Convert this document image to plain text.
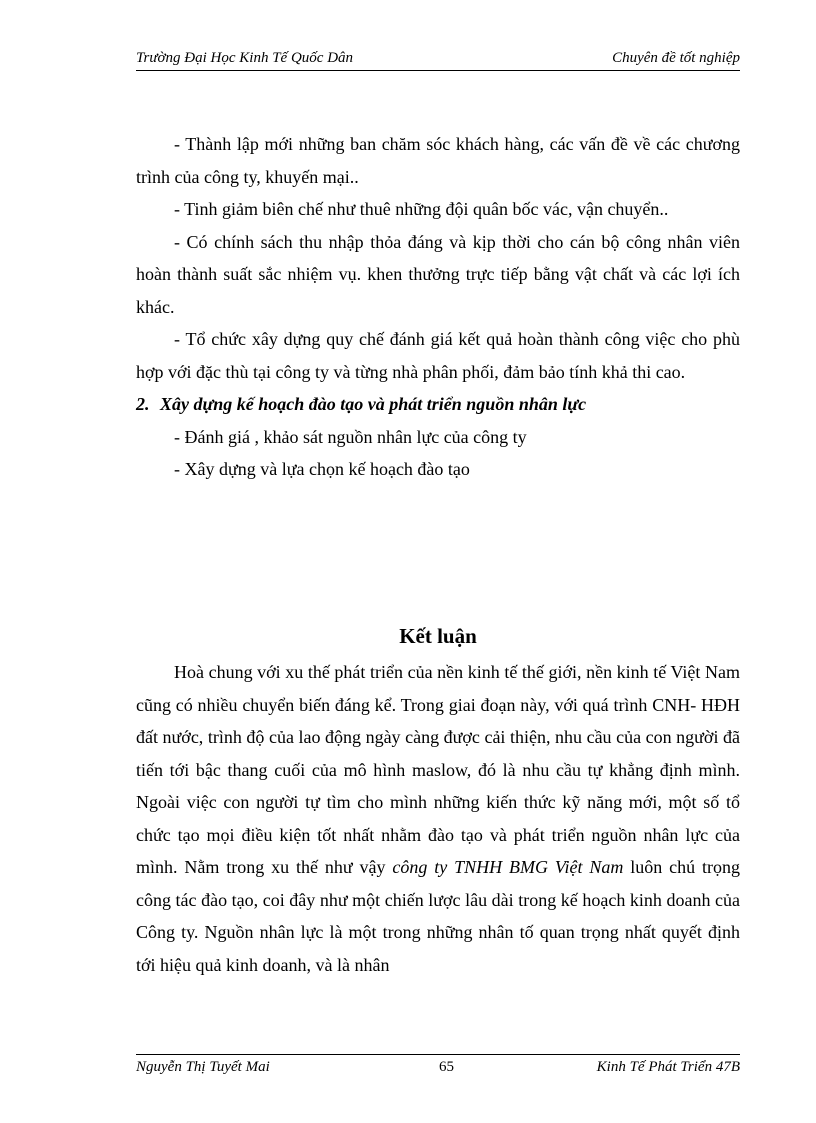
Trường Đại Học Kinh Tế Quốc Dân	Chuyên đề tốt nghiệp

- Thành lập mới những ban chăm sóc khách hàng, các vấn đề về các chương trình của công ty, khuyến mại..

- Tinh giảm biên chế như thuê những đội quân bốc vác, vận chuyển..

- Có chính sách thu nhập thỏa đáng và kịp thời cho cán bộ công nhân viên hoàn thành suất sắc nhiệm vụ. khen thưởng trực tiếp bằng vật chất và các lợi ích khác.

- Tổ chức xây dựng quy chế đánh giá kết quả hoàn thành công việc cho phù hợp với đặc thù tại công ty và từng nhà phân phối, đảm bảo tính khả thi cao.

2. Xây dựng kế hoạch đào tạo và phát triển nguồn nhân lực

- Đánh giá , khảo sát nguồn nhân lực của công ty

- Xây dựng và lựa chọn kế hoạch đào tạo

Kết luận

Hoà chung với xu thế phát triển của nền kinh tế thế giới, nền kinh tế Việt Nam cũng có nhiều chuyển biến đáng kể. Trong giai đoạn này, với quá trình CNH- HĐH đất nước, trình độ của lao động ngày càng được cải thiện, nhu cầu của con người đã tiến tới bậc thang cuối của mô hình maslow, đó là nhu cầu tự khẳng định mình. Ngoài việc con người tự tìm cho mình những kiến thức kỹ năng mới, một số tổ chức tạo mọi điều kiện tốt nhất nhằm đào tạo và phát triển nguồn nhân lực của mình. Nằm trong xu thế như vậy công ty TNHH BMG Việt Nam luôn chú trọng công tác đào tạo, coi đây như một chiến lược lâu dài trong kế hoạch kinh doanh của Công ty. Nguồn nhân lực là một trong những nhân tố quan trọng nhất quyết định tới hiệu quả kinh doanh, và là nhân

Nguyễn Thị Tuyết Mai	65	Kinh Tế Phát Triển 47B
